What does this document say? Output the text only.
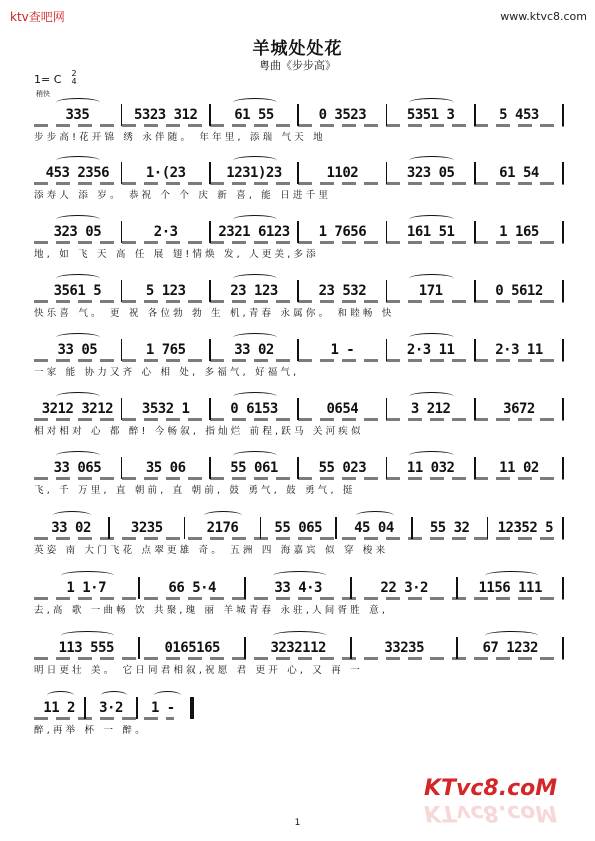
ktv查吧网	www.ktvc8.com
羊城处处花
粤曲《步步高》
1= C	2
4
稍快
335	5323 312	61 55	0 3523	5351 3	5 453
步步高!花开锦 绣 永伴随。 年年里, 添瑞 气天 地
453 2356	1·(23	1231)23	1102	323 05	61 54
添寿人 添 岁。 恭祝 个 个 庆 新 喜, 能 日进千里
323 05	2·3	2321 6123	1 7656	161 51	1 165
地, 如 飞 天 高 任 展 翅!情焕 发, 人更美,多添
3561 5	5 123	23 123	23 532	171	0 5612
快乐喜 气。 更 祝 各位勃 勃 生 机,青春 永属你。 和睦畅 快
33 05	1 765	33 02	1 -	2·3 11	2·3 11
一家 能 协力又齐 心 相 处, 多福气, 好福气,
3212 3212	3532 1	0 6153	0654	3 212	3672
相对相对 心 都 醉! 今畅叙, 指灿烂 前程,跃马 关河疾似
33 065	35 06	55 061	55 023	11 032	11 02
飞, 千 万里, 直 朝前, 直 朝前, 鼓 勇气, 鼓 勇气, 挺
33 02	3235	2176	55 065	45 04	55 32	12352 5
英姿 南 大门飞花 点翠更雄 奇。 五洲 四 海嘉宾 似 穿 梭来
1 1·7	66 5·4	33 4·3	22 3·2	1156 111
去,高 歌 一曲畅 饮 共聚,瑰 丽 羊城青春 永驻,人间胥胜 意,
113 555	0165165	3232112	33235	67 1232
明日更壮 美。 它日同君相叙,祝愿 君 更开 心, 又 再 一
11 2	3·2	1 -
醉,再举 杯 一 醉。
KTvc8.coM
KTvc8.coM
1
